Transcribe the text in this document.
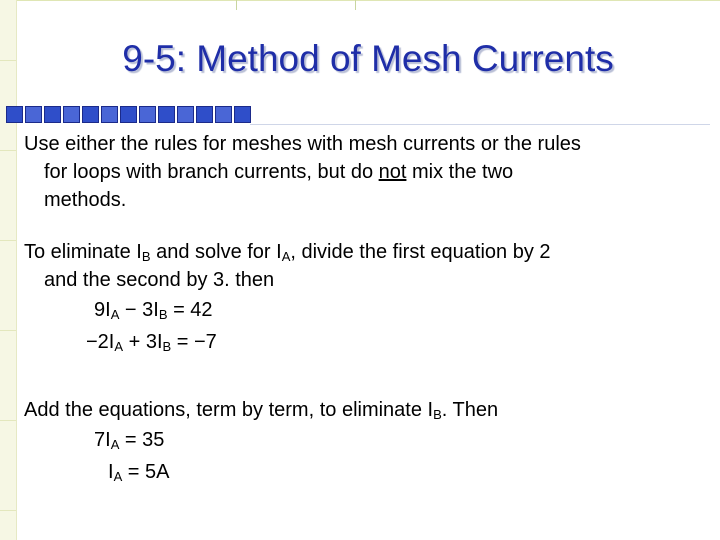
9-5: Method of Mesh Currents

Use either the rules for meshes with mesh currents or the rules
for loops with branch currents, but do not mix the two
methods.

To eliminate $I_B$ and solve for $I_A$, divide the first equation by 2
and the second by 3. then

$9I_A - 3I_B = 42$
$-2I_A + 3I_B = -7$

Add the equations, term by term, to eliminate $I_B$. Then

$7I_A = 35$
$I_A = 5A$
